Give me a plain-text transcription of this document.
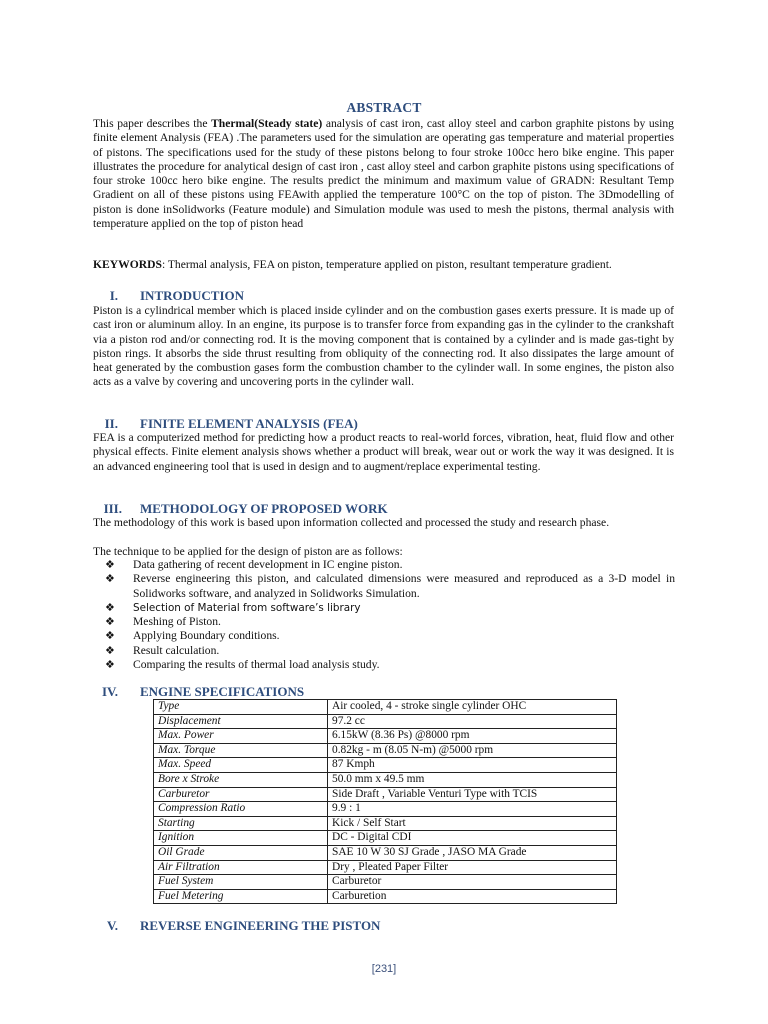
ABSTRACT
This paper describes the Thermal(Steady state) analysis of cast iron, cast alloy steel and carbon graphite pistons by using finite element Analysis (FEA) .The parameters used for the simulation are operating gas temperature and material properties of pistons. The specifications used for the study of these pistons belong to four stroke 100cc hero bike engine. This paper illustrates the procedure for analytical design of cast iron , cast alloy steel and carbon graphite pistons using specifications of four stroke 100cc hero bike engine. The results predict the minimum and maximum value of GRADN: Resultant Temp Gradient on all of these pistons using FEAwith applied the temperature 100°C on the top of piston. The 3Dmodelling of piston is done inSolidworks (Feature module) and Simulation module was used to mesh the pistons, thermal analysis with temperature applied on the top of piston head
KEYWORDS: Thermal analysis, FEA on piston, temperature applied on piston, resultant temperature gradient.
I. INTRODUCTION
Piston is a cylindrical member which is placed inside cylinder and on the combustion gases exerts pressure. It is made up of cast iron or aluminum alloy. In an engine, its purpose is to transfer force from expanding gas in the cylinder to the crankshaft via a piston rod and/or connecting rod. It is the moving component that is contained by a cylinder and is made gas-tight by piston rings. It absorbs the side thrust resulting from obliquity of the connecting rod. It also dissipates the large amount of heat generated by the combustion gases form the combustion chamber to the cylinder wall. In some engines, the piston also acts as a valve by covering and uncovering ports in the cylinder wall.
II. FINITE ELEMENT ANALYSIS (FEA)
FEA is a computerized method for predicting how a product reacts to real-world forces, vibration, heat, fluid flow and other physical effects. Finite element analysis shows whether a product will break, wear out or work the way it was designed. It is an advanced engineering tool that is used in design and to augment/replace experimental testing.
III. METHODOLOGY OF PROPOSED WORK
The methodology of this work is based upon information collected and processed the study and research phase.
The technique to be applied for the design of piston are as follows:
❖ Data gathering of recent development in IC engine piston.
❖ Reverse engineering this piston, and calculated dimensions were measured and reproduced as a 3-D model in Solidworks software, and analyzed in Solidworks Simulation.
❖ Selection of Material from software’s library
❖ Meshing of Piston.
❖ Applying Boundary conditions.
❖ Result calculation.
❖ Comparing the results of thermal load analysis study.
IV. ENGINE SPECIFICATIONS
Type	Air cooled, 4 - stroke single cylinder OHC
Displacement	97.2 cc
Max. Power	6.15kW (8.36 Ps) @8000 rpm
Max. Torque	0.82kg - m (8.05 N-m) @5000 rpm
Max. Speed	87 Kmph
Bore x Stroke	50.0 mm x 49.5 mm
Carburetor	Side Draft , Variable Venturi Type with TCIS
Compression Ratio	9.9 : 1
Starting	Kick / Self Start
Ignition	DC - Digital CDI
Oil Grade	SAE 10 W 30 SJ Grade , JASO MA Grade
Air Filtration	Dry , Pleated Paper Filter
Fuel System	Carburetor
Fuel Metering	Carburetion
V. REVERSE ENGINEERING THE PISTON
[231]
